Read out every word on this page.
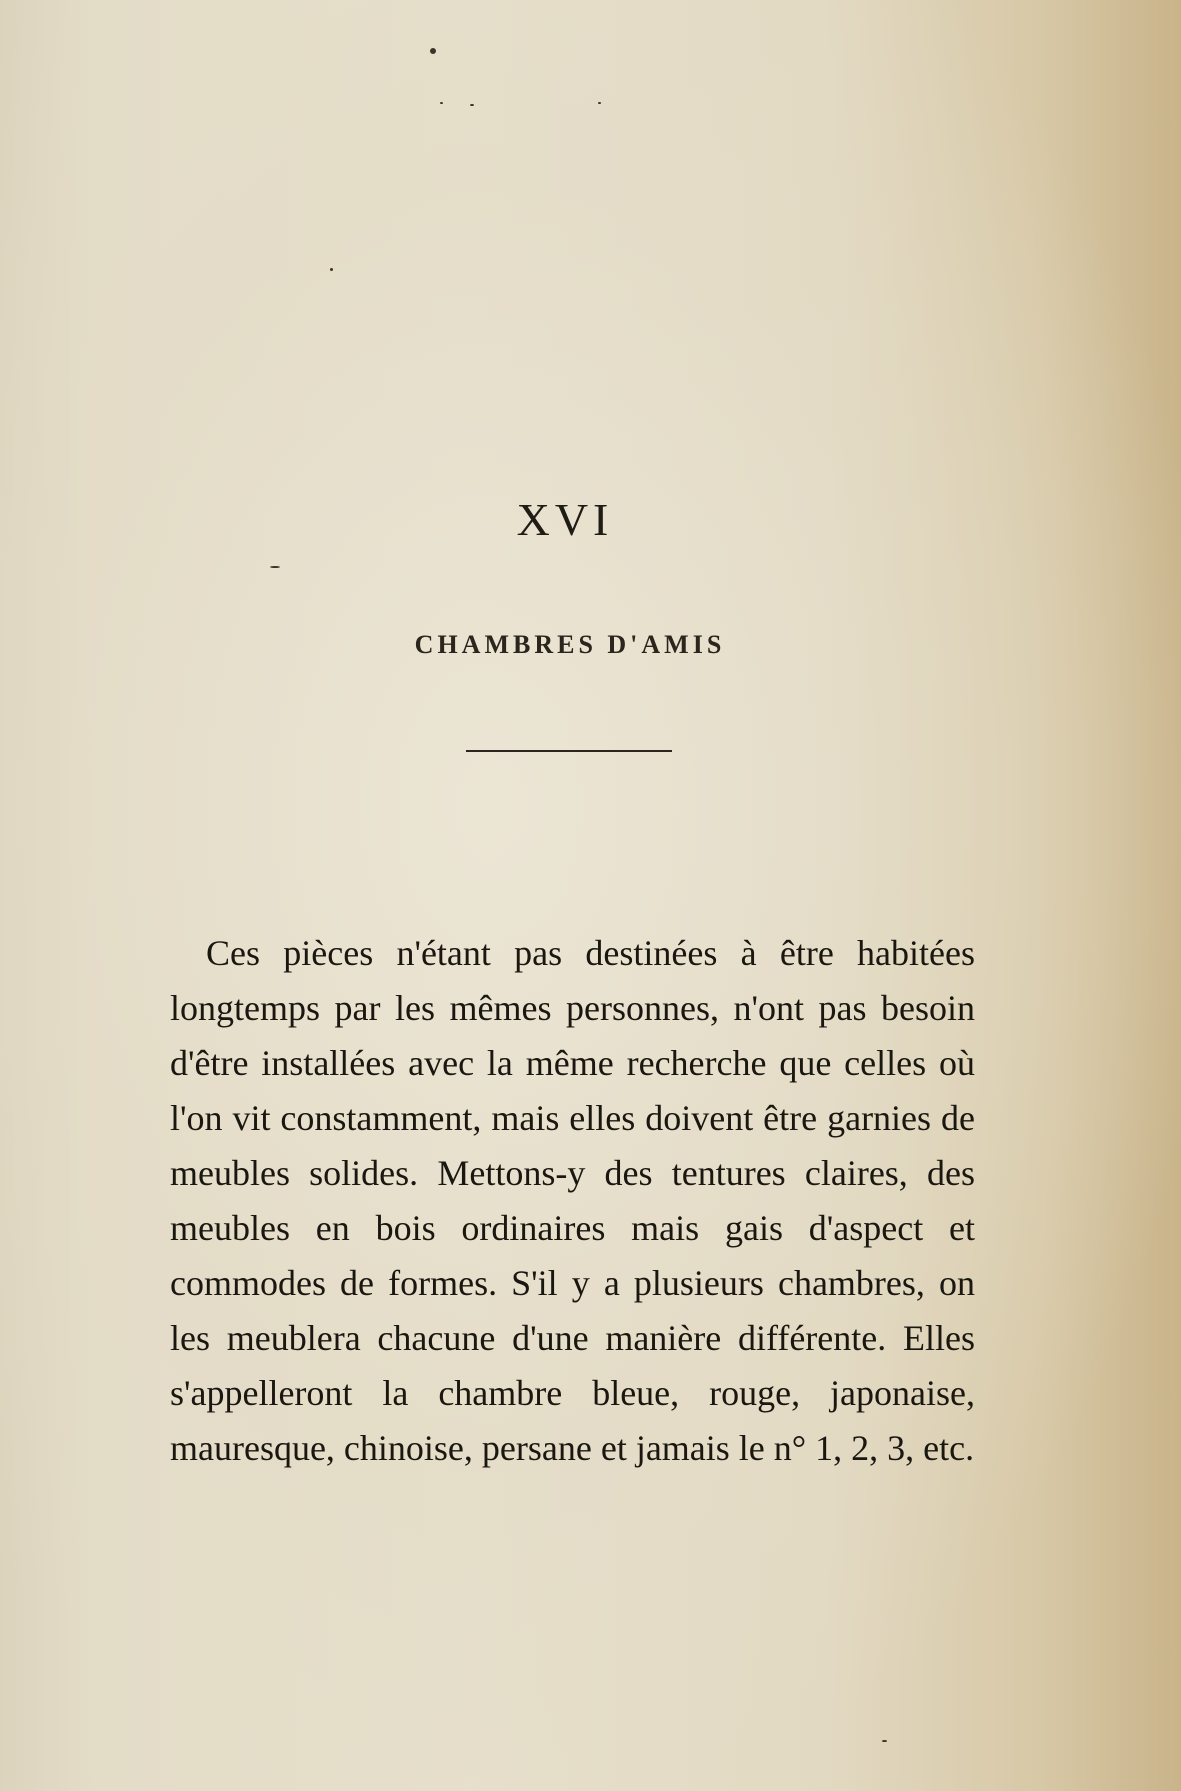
XVI
CHAMBRES D'AMIS

Ces pièces n'étant pas destinées à être habitées longtemps par les mêmes personnes, n'ont pas besoin d'être installées avec la même recherche que celles où l'on vit constamment, mais elles doivent être garnies de meubles solides. Mettons-y des tentures claires, des meubles en bois ordinaires mais gais d'aspect et commodes de formes. S'il y a plusieurs chambres, on les meublera chacune d'une manière différente. Elles s'appelleront la chambre bleue, rouge, japonaise, mauresque, chinoise, persane et jamais le n° 1, 2, 3, etc.
